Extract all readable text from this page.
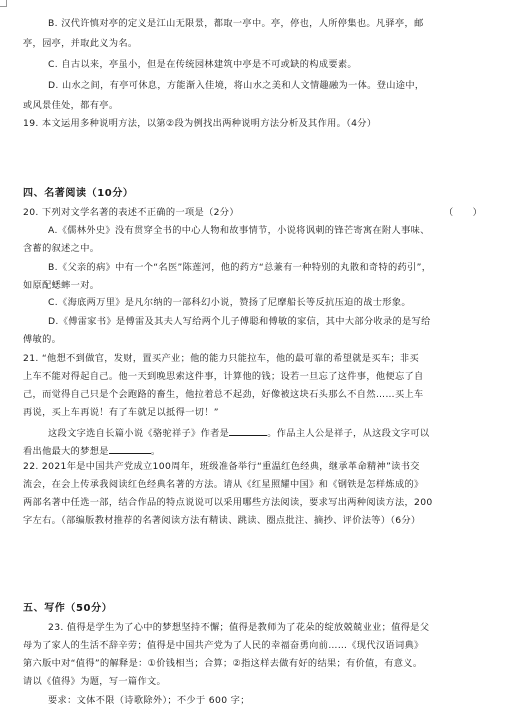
B. 汉代许慎对亭的定义是江山无限景，都取一亭中。亭，停也，人所停集也。凡驿亭，邮
亭，园亭，并取此义为名。
C. 自古以来，亭虽小，但是在传统园林建筑中亭是不可或缺的构成要素。
D. 山水之间，有亭可休息，方能渐入佳境，将山水之美和人文情趣融为一体。登山途中，
或风景佳处，都有亭。
19. 本文运用多种说明方法，以第②段为例找出两种说明方法分析及其作用。（4分）
四、名著阅读（10分）
20. 下列对文学名著的表述不正确的一项是（2分）	（　　）
A.《儒林外史》没有贯穿全书的中心人物和故事情节，小说将讽刺的锋芒寄寓在附人事味、
含蓄的叙述之中。
B.《父亲的病》中有一个“名医”陈莲河，他的药方“总兼有一种特别的丸散和奇特的药引”，
如原配蟋蟀一对。
C.《海底两万里》是凡尔纳的一部科幻小说，赞扬了尼摩船长等反抗压迫的战士形象。
D.《傅雷家书》是傅雷及其夫人写给两个儿子傅聪和傅敏的家信，其中大部分收录的是写给
傅敏的。
21. “他想不到做官，发财，置买产业；他的能力只能拉车，他的最可靠的希望就是买车；非买
上车不能对得起自己。他一天到晚思索这件事，计算他的钱；设若一旦忘了这件事，他便忘了自
己，而觉得自己只是个会跑路的畜生，他拉着总不起劲，好像被这块石头那么不自然……买上车
再说，买上车再说！有了车就足以抵得一切！”
这段文字选自长篇小说《骆驼祥子》作者是	。作品主人公是祥子，从这段文字可以
看出他最大的梦想是	。
22. 2021年是中国共产党成立100周年，班级准备举行“重温红色经典，继承革命精神”读书交
流会，在会上传承我阅读红色经典名著的方法。请从《红星照耀中国》和《钢铁是怎样炼成的》
两部名著中任选一部，结合作品的特点说说可以采用哪些方法阅读，要求写出两种阅读方法，200
字左右。（部编版教材推荐的名著阅读方法有精读、跳读、圈点批注、摘抄、评价法等）（6分）
五、写作（50分）
23. 值得是学生为了心中的梦想坚持不懈；值得是教师为了花朵的绽放兢兢业业；值得是父
母为了家人的生活不辞辛劳；值得是中国共产党为了人民的幸福奋勇向前……《现代汉语词典》
第六版中对“值得”的解释是：①价钱相当；合算；②指这样去做有好的结果；有价值，有意义。
请以《值得》为题，写一篇作文。
要求：文体不限（诗歌除外）；不少于 600 字；
